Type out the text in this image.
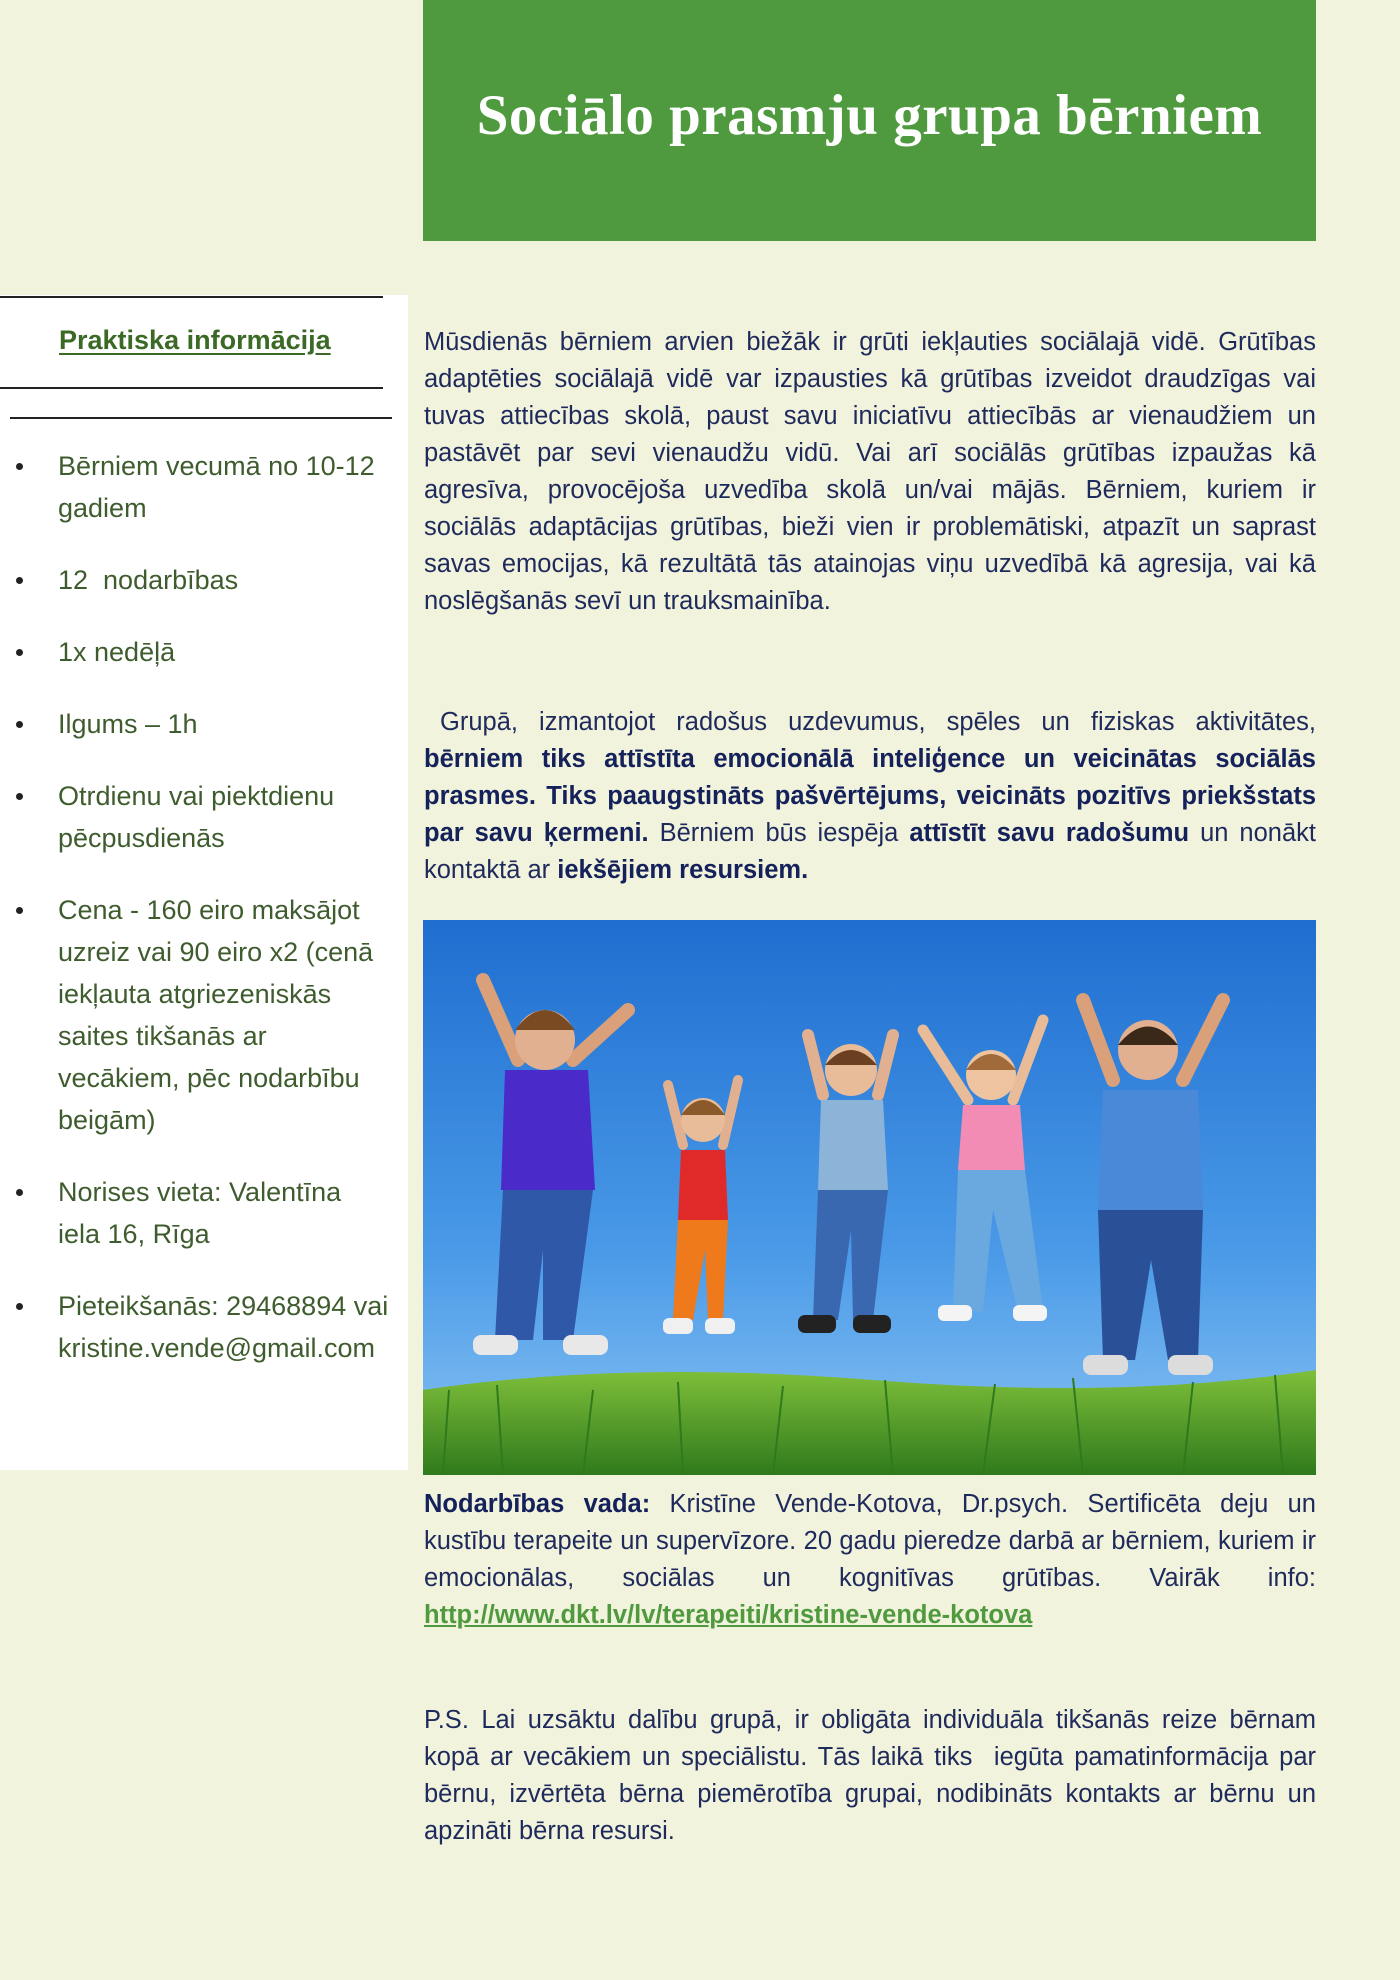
Sociālo prasmju grupa bērniem
Praktiska informācija
Bērniem vecumā no 10-12 gadiem
12  nodarbības
1x nedēļā
Ilgums – 1h
Otrdienu vai piektdienu pēcpusdienās
Cena - 160 eiro maksājot uzreiz vai 90 eiro x2 (cenā iekļauta atgriezeniskās saites tikšanās ar vecākiem, pēc nodarbību beigām)
Norises vieta: Valentīna iela 16, Rīga
Pieteikšanās: 29468894 vai kristine.vende@gmail.com

Mūsdienās bērniem arvien biežāk ir grūti iekļauties sociālajā vidē. Grūtības adaptēties sociālajā vidē var izpausties kā grūtības izveidot draudzīgas vai tuvas attiecības skolā, paust savu iniciatīvu attiecībās ar vienaudžiem un pastāvēt par sevi vienaudžu vidū. Vai arī sociālās grūtības izpaužas kā agresīva, provocējoša uzvedība skolā un/vai mājās. Bērniem, kuriem ir sociālās adaptācijas grūtības, bieži vien ir problemātiski, atpazīt un saprast savas emocijas, kā rezultātā tās atainojas viņu uzvedībā kā agresija, vai kā noslēgšanās sevī un trauksmainība.

Grupā, izmantojot radošus uzdevumus, spēles un fiziskas aktivitātes, bērniem tiks attīstīta emocionālā inteliģence un veicinātas sociālās prasmes. Tiks paaugstināts pašvērtējums, veicināts pozitīvs priekšstats par savu ķermeni. Bērniem būs iespēja attīstīt savu radošumu un nonākt kontaktā ar iekšējiem resursiem.

Nodarbības vada: Kristīne Vende-Kotova, Dr.psych. Sertificēta deju un kustību terapeite un supervīzore. 20 gadu pieredze darbā ar bērniem, kuriem ir emocionālas, sociālas un kognitīvas grūtības. Vairāk info: http://www.dkt.lv/lv/terapeiti/kristine-vende-kotova

P.S. Lai uzsāktu dalību grupā, ir obligāta individuāla tikšanās reize bērnam kopā ar vecākiem un speciālistu. Tās laikā tiks  iegūta pamatinformācija par bērnu, izvērtēta bērna piemērotība grupai, nodibināts kontakts ar bērnu un apzināti bērna resursi.
